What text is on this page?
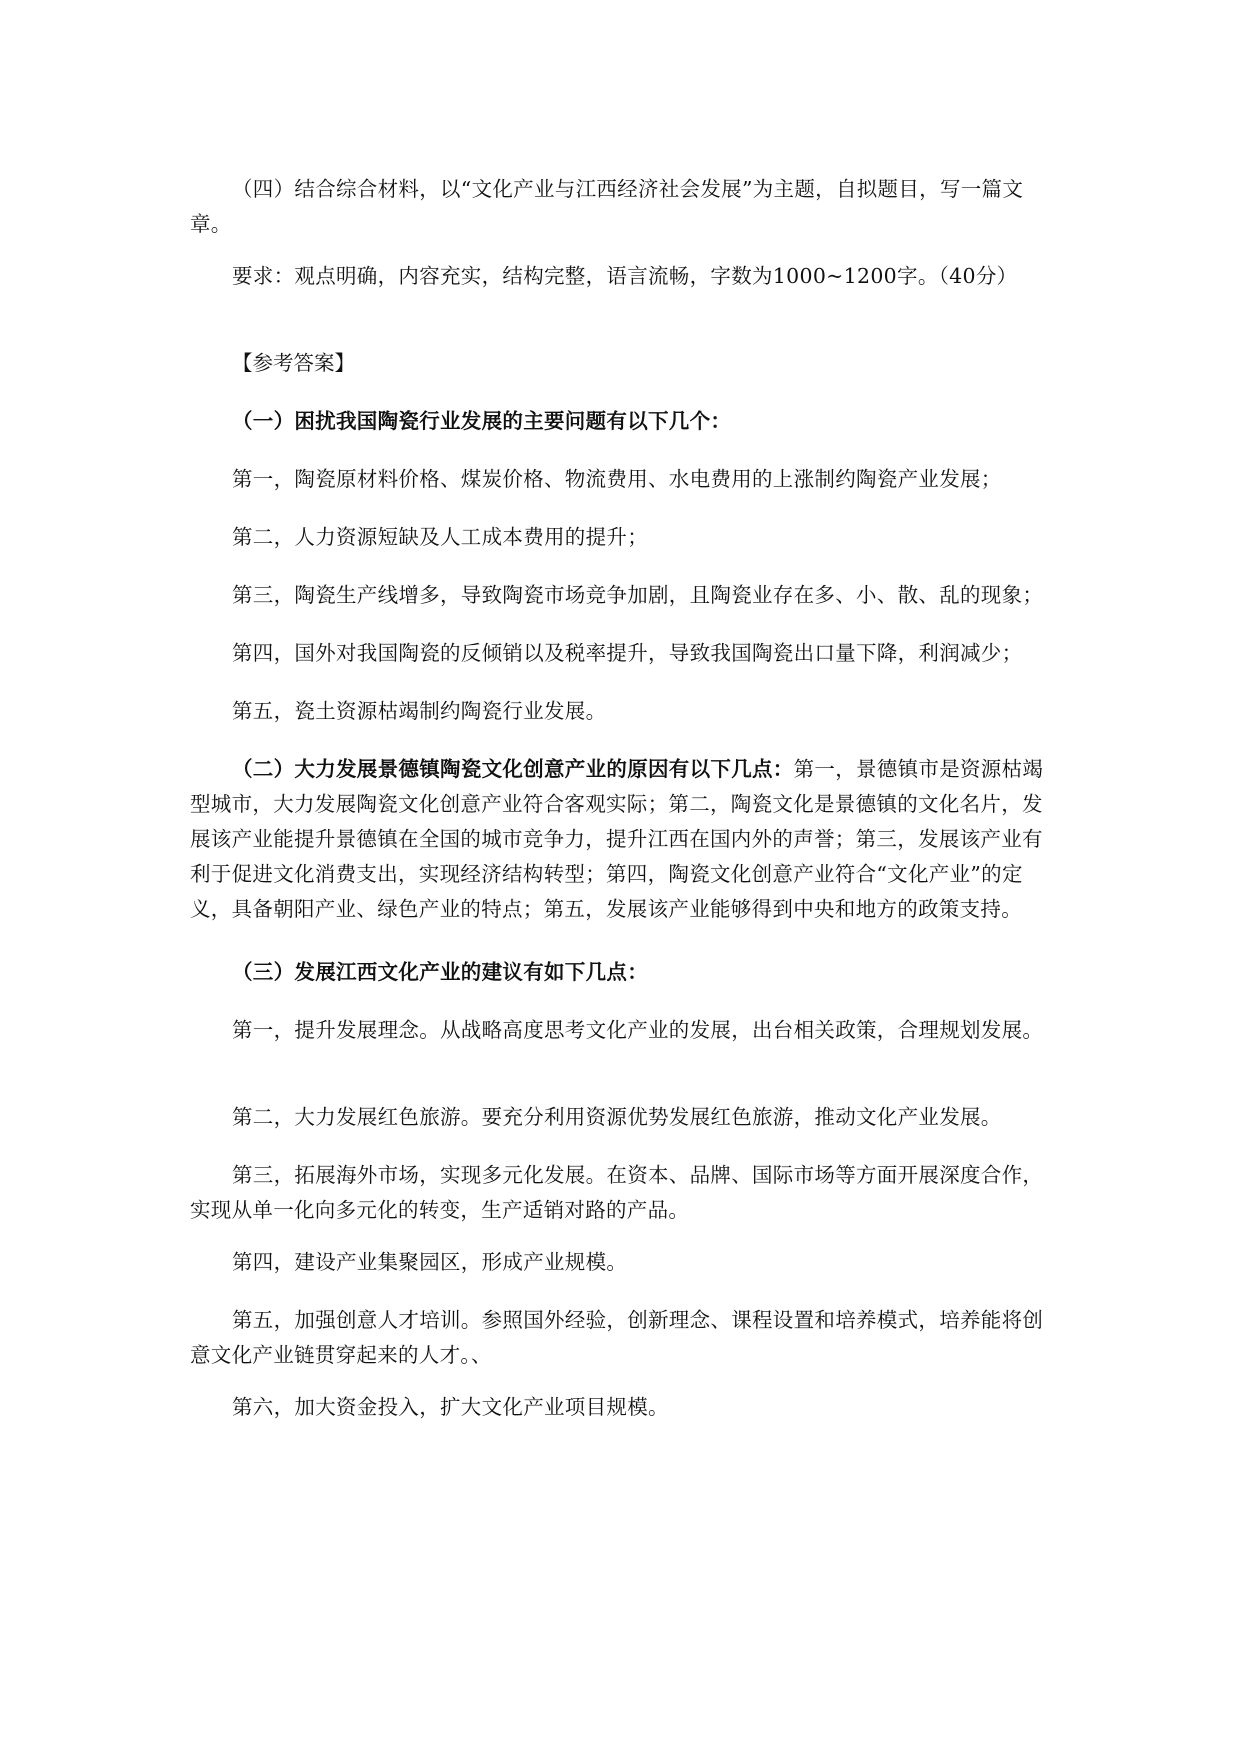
（四）结合综合材料，以“文化产业与江西经济社会发展”为主题，自拟题目，写一篇文章。

要求：观点明确，内容充实，结构完整，语言流畅，字数为1000~1200字。（40分）

【参考答案】

（一）困扰我国陶瓷行业发展的主要问题有以下几个：

第一，陶瓷原材料价格、煤炭价格、物流费用、水电费用的上涨制约陶瓷产业发展；

第二，人力资源短缺及人工成本费用的提升；

第三，陶瓷生产线增多，导致陶瓷市场竞争加剧，且陶瓷业存在多、小、散、乱的现象；

第四，国外对我国陶瓷的反倾销以及税率提升，导致我国陶瓷出口量下降，利润减少；

第五，瓷土资源枯竭制约陶瓷行业发展。

（二）大力发展景德镇陶瓷文化创意产业的原因有以下几点：第一，景德镇市是资源枯竭型城市，大力发展陶瓷文化创意产业符合客观实际；第二，陶瓷文化是景德镇的文化名片，发展该产业能提升景德镇在全国的城市竞争力，提升江西在国内外的声誉；第三，发展该产业有利于促进文化消费支出，实现经济结构转型；第四，陶瓷文化创意产业符合“文化产业”的定义，具备朝阳产业、绿色产业的特点；第五，发展该产业能够得到中央和地方的政策支持。

（三）发展江西文化产业的建议有如下几点：

第一，提升发展理念。从战略高度思考文化产业的发展，出台相关政策，合理规划发展。

第二，大力发展红色旅游。要充分利用资源优势发展红色旅游，推动文化产业发展。

第三，拓展海外市场，实现多元化发展。在资本、品牌、国际市场等方面开展深度合作，实现从单一化向多元化的转变，生产适销对路的产品。

第四，建设产业集聚园区，形成产业规模。

第五，加强创意人才培训。参照国外经验，创新理念、课程设置和培养模式，培养能将创意文化产业链贯穿起来的人才。、

第六，加大资金投入，扩大文化产业项目规模。
